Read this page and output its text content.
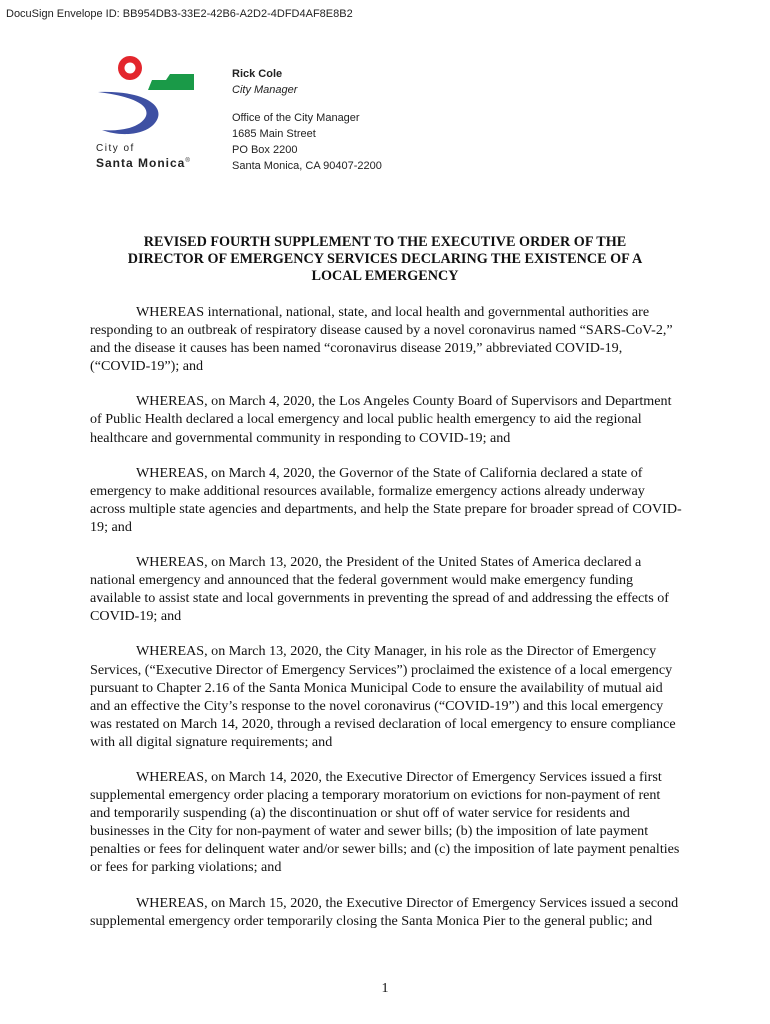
DocuSign Envelope ID: BB954DB3-33E2-42B6-A2D2-4DFD4AF8E8B2
City of
Santa Monica®
Rick Cole
City Manager
Office of the City Manager
1685 Main Street
PO Box 2200
Santa Monica, CA 90407-2200
REVISED FOURTH SUPPLEMENT TO THE EXECUTIVE ORDER OF THE
DIRECTOR OF EMERGENCY SERVICES DECLARING THE EXISTENCE OF A
LOCAL EMERGENCY

WHEREAS international, national, state, and local health and governmental authorities are responding to an outbreak of respiratory disease caused by a novel coronavirus named “SARS-CoV-2,” and the disease it causes has been named “coronavirus disease 2019,” abbreviated COVID-19, (“COVID-19”); and

WHEREAS, on March 4, 2020, the Los Angeles County Board of Supervisors and Department of Public Health declared a local emergency and local public health emergency to aid the regional healthcare and governmental community in responding to COVID-19; and

WHEREAS, on March 4, 2020, the Governor of the State of California declared a state of emergency to make additional resources available, formalize emergency actions already underway across multiple state agencies and departments, and help the State prepare for broader spread of COVID-19; and

WHEREAS, on March 13, 2020, the President of the United States of America declared a national emergency and announced that the federal government would make emergency funding available to assist state and local governments in preventing the spread of and addressing the effects of COVID-19; and

WHEREAS, on March 13, 2020, the City Manager, in his role as the Director of Emergency Services, (“Executive Director of Emergency Services”) proclaimed the existence of a local emergency pursuant to Chapter 2.16 of the Santa Monica Municipal Code to ensure the availability of mutual aid and an effective the City’s response to the novel coronavirus (“COVID-19”) and this local emergency was restated on March 14, 2020, through a revised declaration of local emergency to ensure compliance with all digital signature requirements; and

WHEREAS, on March 14, 2020, the Executive Director of Emergency Services issued a first supplemental emergency order placing a temporary moratorium on evictions for non-payment of rent and temporarily suspending (a) the discontinuation or shut off of water service for residents and businesses in the City for non-payment of water and sewer bills; (b) the imposition of late payment penalties or fees for delinquent water and/or sewer bills; and (c) the imposition of late payment penalties or fees for parking violations; and

WHEREAS, on March 15, 2020, the Executive Director of Emergency Services issued a second supplemental emergency order temporarily closing the Santa Monica Pier to the general public; and

1
